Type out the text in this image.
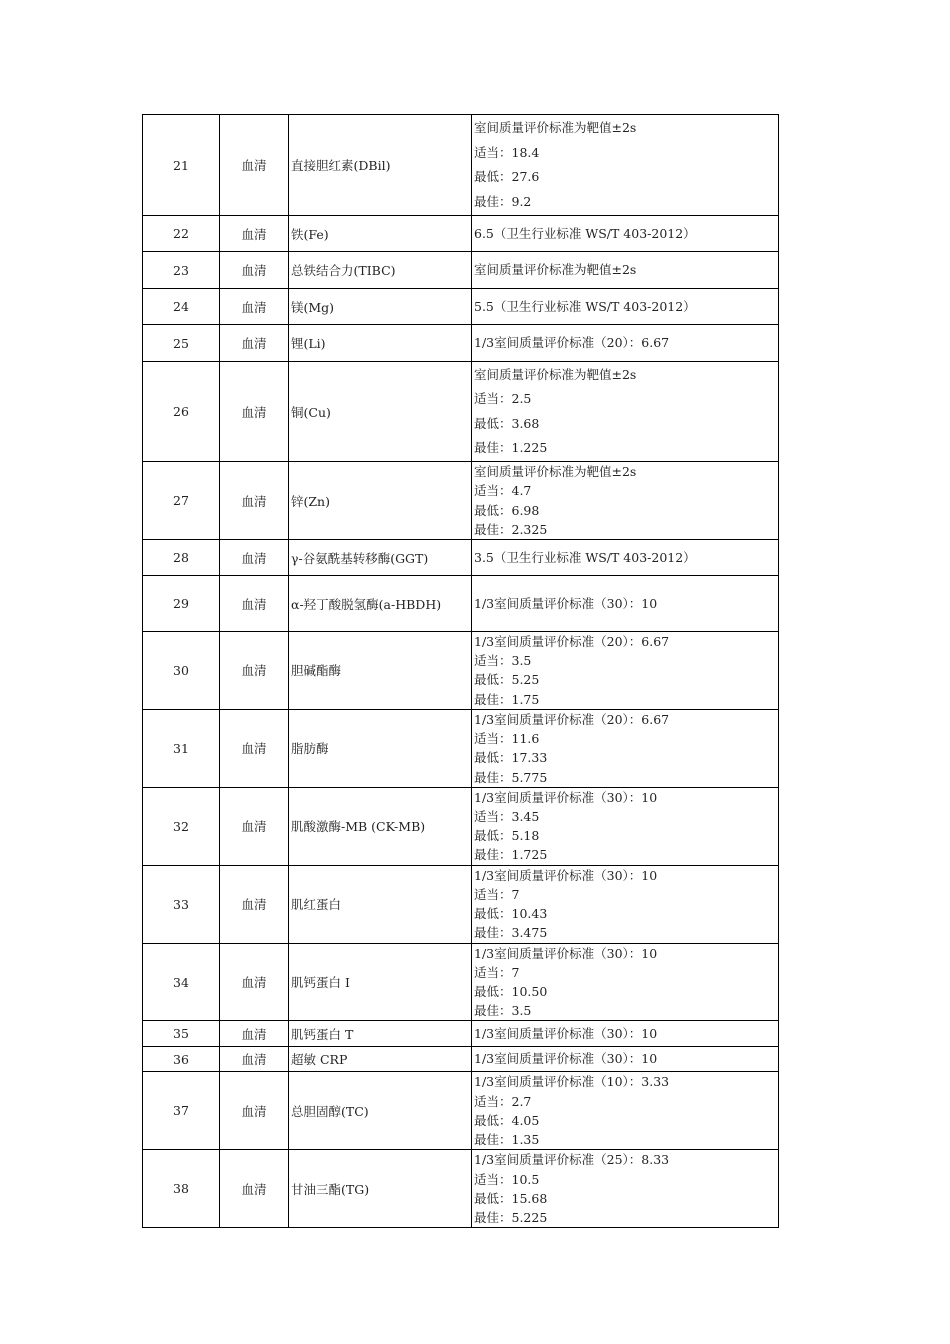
21	血清	直接胆红素(DBil)	室间质量评价标准为靶值±2s
适当：18.4
最低：27.6
最佳：9.2

22	血清	铁(Fe)	6.5（卫生行业标准 WS/T 403-2012）

23	血清	总铁结合力(TIBC)	室间质量评价标准为靶值±2s

24	血清	镁(Mg)	5.5（卫生行业标准 WS/T 403-2012）

25	血清	锂(Li)	1/3室间质量评价标准（20）：6.67

26	血清	铜(Cu)	室间质量评价标准为靶值±2s
适当：2.5
最低：3.68
最佳：1.225

27	血清	锌(Zn)	室间质量评价标准为靶值±2s
适当：4.7
最低：6.98
最佳：2.325

28	血清	γ-谷氨酰基转移酶(GGT)	3.5（卫生行业标准 WS/T 403-2012）

29	血清	α-羟丁酸脱氢酶(a-HBDH)	1/3室间质量评价标准（30）：10

30	血清	胆碱酯酶	1/3室间质量评价标准（20）：6.67
适当：3.5
最低：5.25
最佳：1.75

31	血清	脂肪酶	1/3室间质量评价标准（20）：6.67
适当：11.6
最低：17.33
最佳：5.775

32	血清	肌酸激酶-MB (CK-MB)	1/3室间质量评价标准（30）：10
适当：3.45
最低：5.18
最佳：1.725

33	血清	肌红蛋白	1/3室间质量评价标准（30）：10
适当：7
最低：10.43
最佳：3.475

34	血清	肌钙蛋白 I	1/3室间质量评价标准（30）：10
适当：7
最低：10.50
最佳：3.5

35	血清	肌钙蛋白 T	1/3室间质量评价标准（30）：10

36	血清	超敏 CRP	1/3室间质量评价标准（30）：10

37	血清	总胆固醇(TC)	1/3室间质量评价标准（10）：3.33
适当：2.7
最低：4.05
最佳：1.35

38	血清	甘油三酯(TG)	1/3室间质量评价标准（25）：8.33
适当：10.5
最低：15.68
最佳：5.225
